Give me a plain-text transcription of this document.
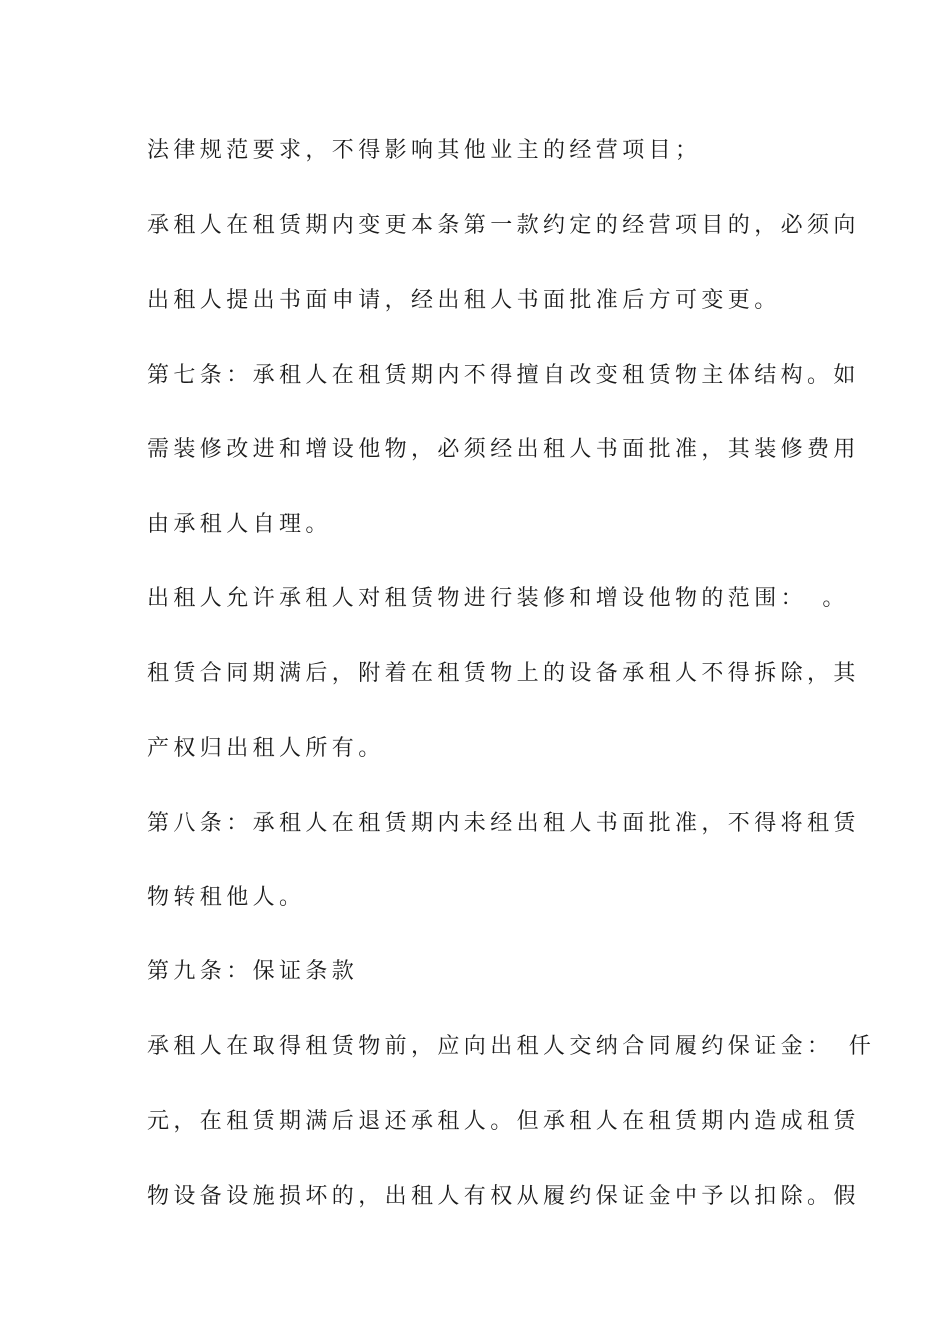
法律规范要求，不得影响其他业主的经营项目；
承租人在租赁期内变更本条第一款约定的经营项目的，必须向
出租人提出书面申请，经出租人书面批准后方可变更。
第七条：承租人在租赁期内不得擅自改变租赁物主体结构。如
需装修改进和增设他物，必须经出租人书面批准，其装修费用
由承租人自理。
出租人允许承租人对租赁物进行装修和增设他物的范围：　。
租赁合同期满后，附着在租赁物上的设备承租人不得拆除，其
产权归出租人所有。
第八条：承租人在租赁期内未经出租人书面批准，不得将租赁
物转租他人。
第九条：保证条款
承租人在取得租赁物前，应向出租人交纳合同履约保证金：　仟
元，在租赁期满后退还承租人。但承租人在租赁期内造成租赁
物设备设施损坏的，出租人有权从履约保证金中予以扣除。假
